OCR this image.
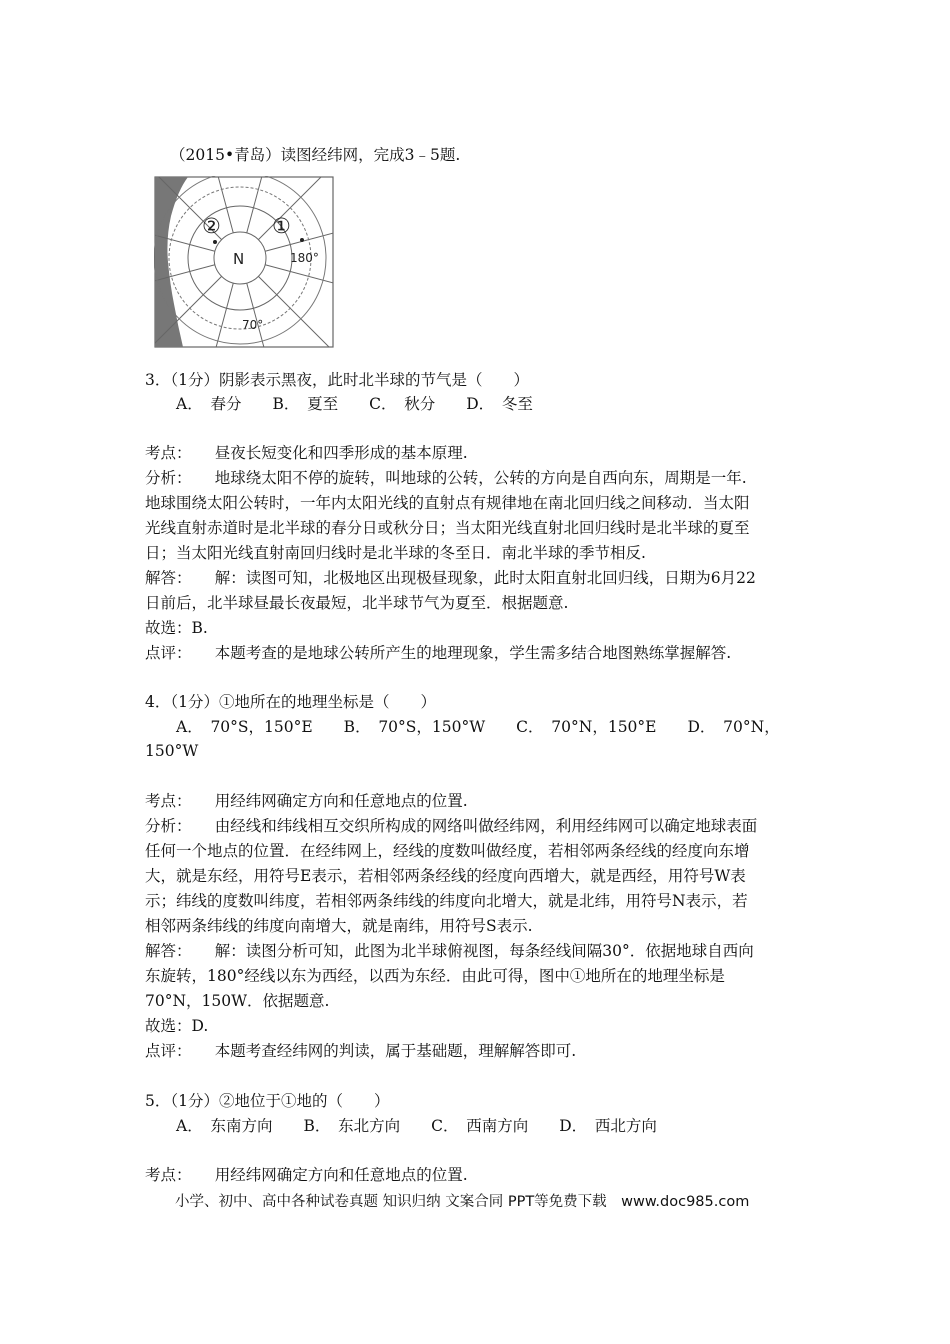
（2015•青岛）读图经纬网，完成3﹣5题.
N
①
②
180°
70°
3．（1分）阴影表示黑夜，此时北半球的节气是（　　）
A．　春分　　B．　夏至　　C．　秋分　　D．　冬至
考点：　　昼夜长短变化和四季形成的基本原理.
分析：　　地球绕太阳不停的旋转，叫地球的公转，公转的方向是自西向东，周期是一年.
地球围绕太阳公转时，一年内太阳光线的直射点有规律地在南北回归线之间移动．当太阳
光线直射赤道时是北半球的春分日或秋分日；当太阳光线直射北回归线时是北半球的夏至
日；当太阳光线直射南回归线时是北半球的冬至日．南北半球的季节相反.
解答：　　解：读图可知，北极地区出现极昼现象，此时太阳直射北回归线，日期为6月22
日前后，北半球昼最长夜最短，北半球节气为夏至．根据题意.
故选：B.
点评：　　本题考查的是地球公转所产生的地理现象，学生需多结合地图熟练掌握解答.
4．（1分）①地所在的地理坐标是（　　）
A．　70°S，150°E　　B．　70°S，150°W　　C．　70°N，150°E　　D．　70°N，
150°W
考点：　　用经纬网确定方向和任意地点的位置.
分析：　　由经线和纬线相互交织所构成的网络叫做经纬网，利用经纬网可以确定地球表面
任何一个地点的位置．在经纬网上，经线的度数叫做经度，若相邻两条经线的经度向东增
大，就是东经，用符号E表示，若相邻两条经线的经度向西增大，就是西经，用符号W表
示；纬线的度数叫纬度，若相邻两条纬线的纬度向北增大，就是北纬，用符号N表示，若
相邻两条纬线的纬度向南增大，就是南纬，用符号S表示.
解答：　　解：读图分析可知，此图为北半球俯视图，每条经线间隔30°．依据地球自西向
东旋转，180°经线以东为西经，以西为东经．由此可得，图中①地所在的地理坐标是
70°N，150W．依据题意.
故选：D.
点评：　　本题考查经纬网的判读，属于基础题，理解解答即可.
5．（1分）②地位于①地的（　　）
A．　东南方向　　B．　东北方向　　C．　西南方向　　D．　西北方向
考点：　　用经纬网确定方向和任意地点的位置.
小学、初中、高中各种试卷真题 知识归纳 文案合同 PPT等免费下载　www.doc985.com
